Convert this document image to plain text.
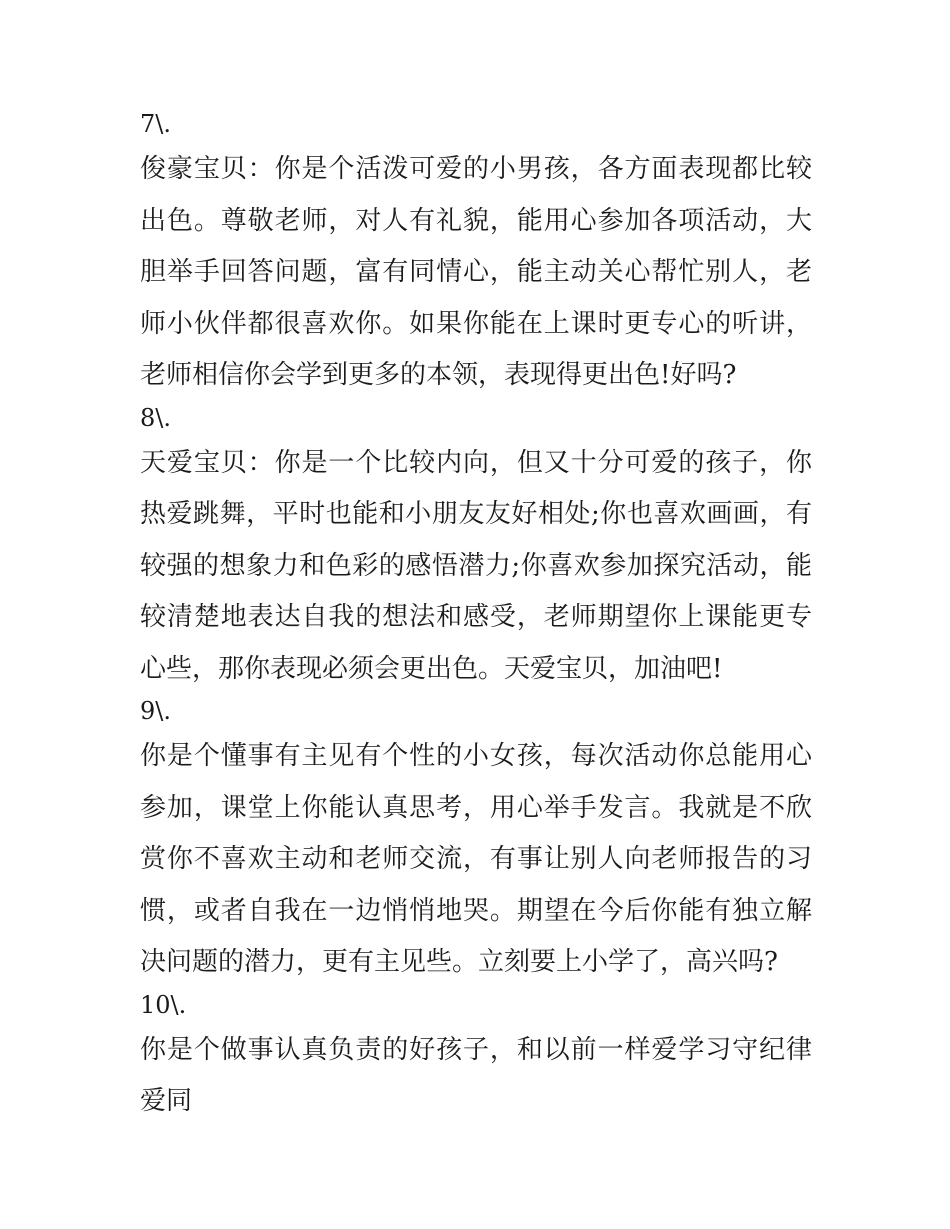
7\.

俊豪宝贝：你是个活泼可爱的小男孩，各方面表现都比较出色。尊敬老师，对人有礼貌，能用心参加各项活动，大胆举手回答问题，富有同情心，能主动关心帮忙别人，老师小伙伴都很喜欢你。如果你能在上课时更专心的听讲，老师相信你会学到更多的本领，表现得更出色!好吗?

8\.

天爱宝贝：你是一个比较内向，但又十分可爱的孩子，你热爱跳舞，平时也能和小朋友友好相处;你也喜欢画画，有较强的想象力和色彩的感悟潜力;你喜欢参加探究活动，能较清楚地表达自我的想法和感受，老师期望你上课能更专心些，那你表现必须会更出色。天爱宝贝，加油吧!

9\.

你是个懂事有主见有个性的小女孩，每次活动你总能用心参加，课堂上你能认真思考，用心举手发言。我就是不欣赏你不喜欢主动和老师交流，有事让别人向老师报告的习惯，或者自我在一边悄悄地哭。期望在今后你能有独立解决问题的潜力，更有主见些。立刻要上小学了，高兴吗?

10\.

你是个做事认真负责的好孩子，和以前一样爱学习守纪律爱同
